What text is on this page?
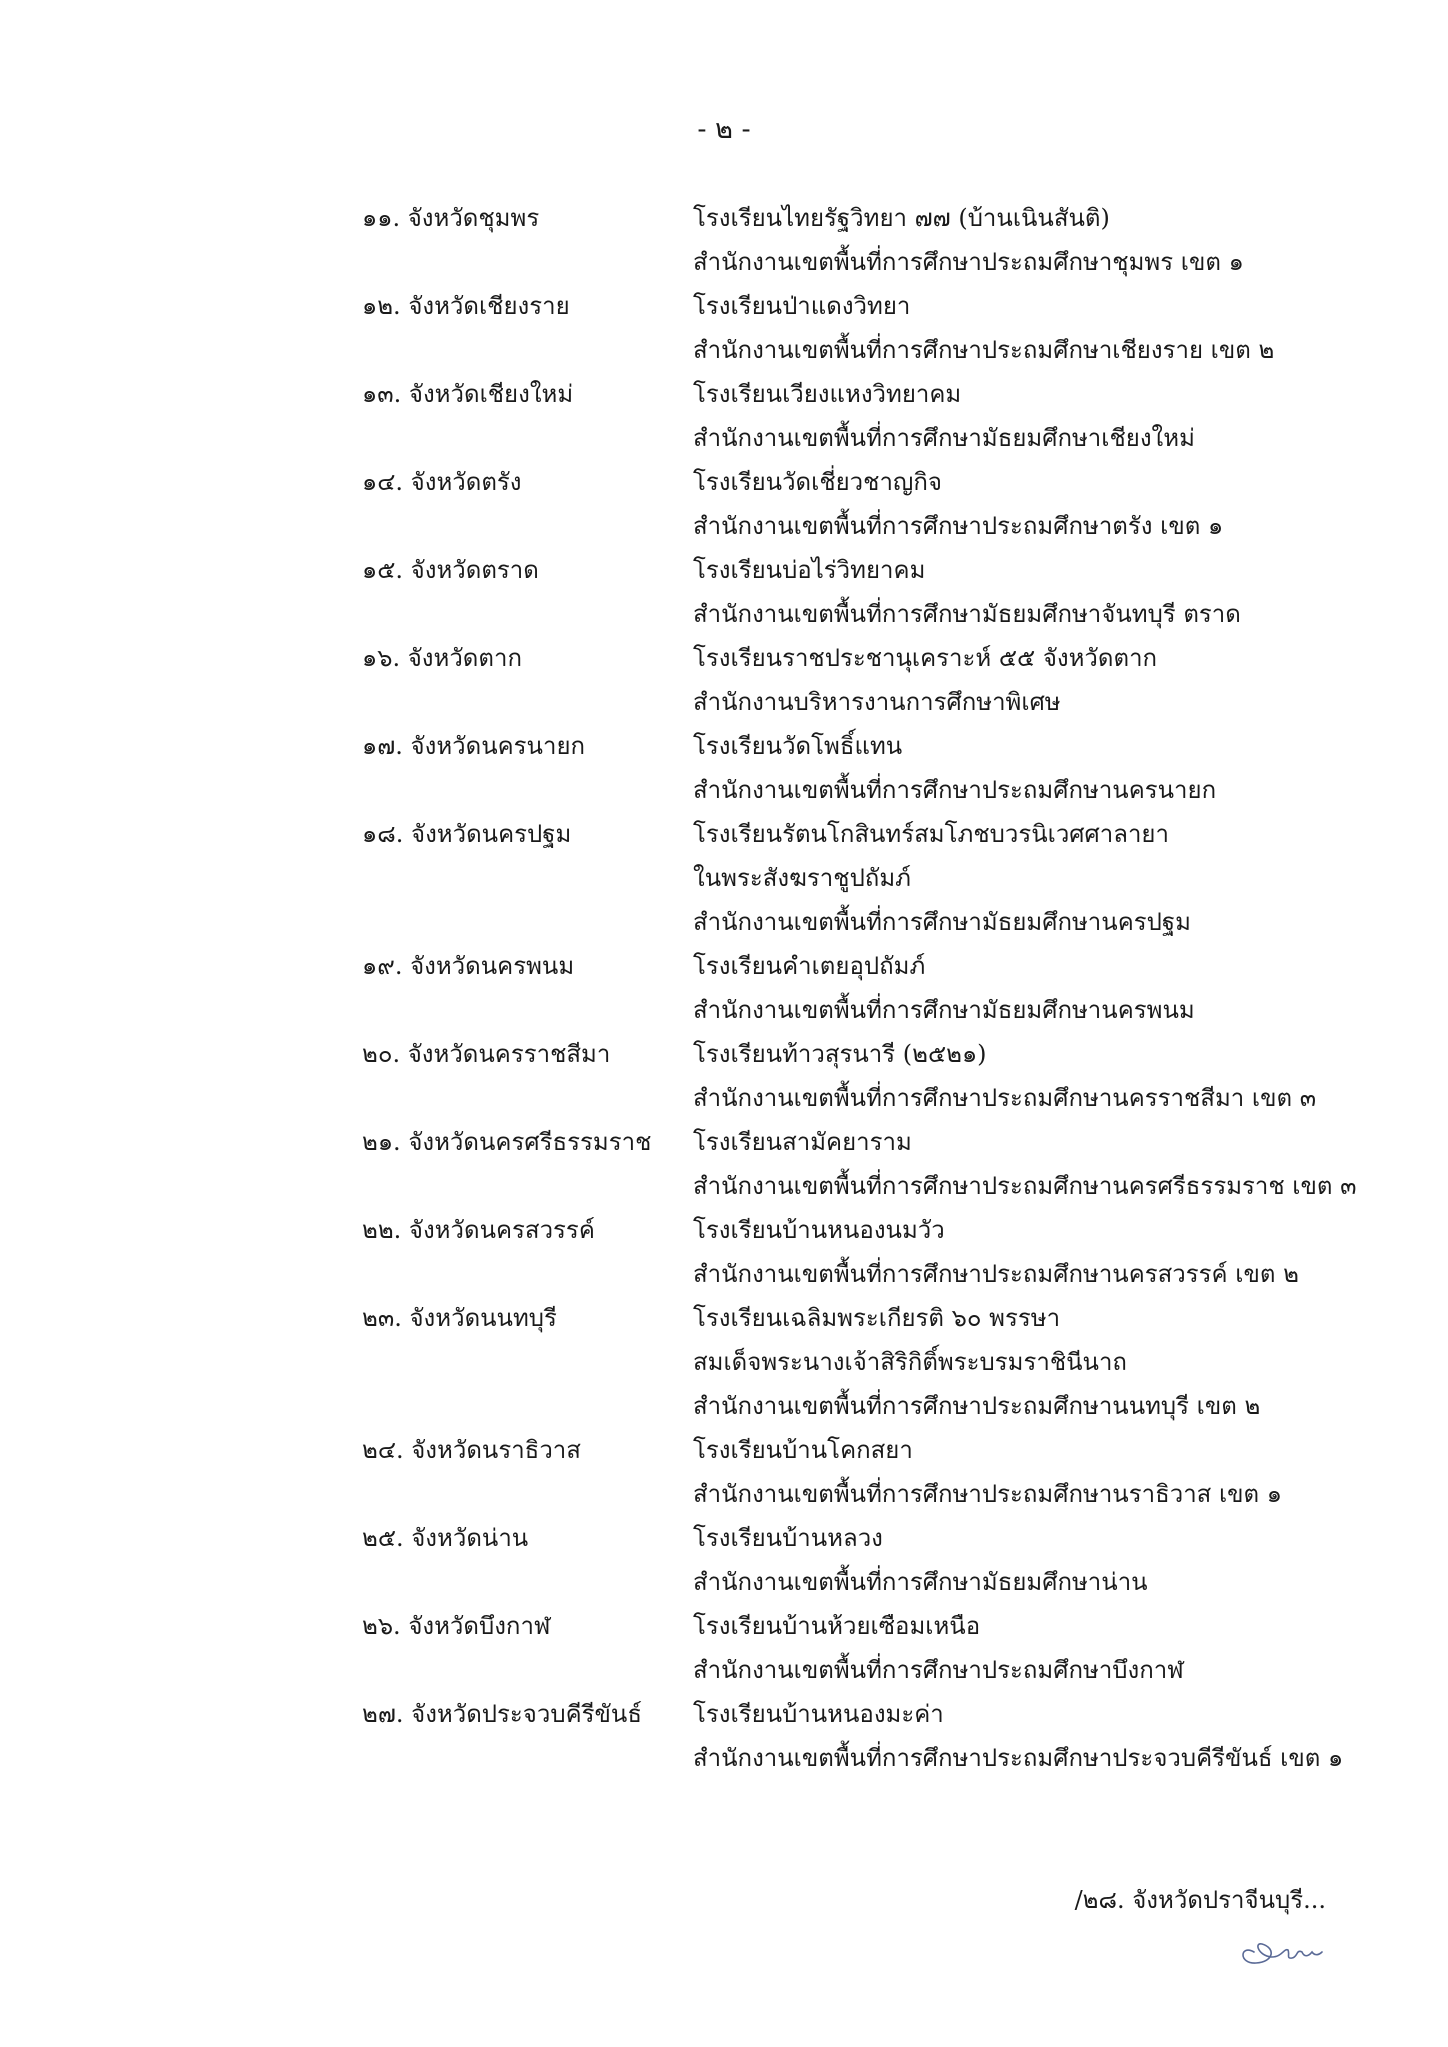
- ๒ -
๑๑. จังหวัดชุมพร	โรงเรียนไทยรัฐวิทยา ๗๗ (บ้านเนินสันติ)
สำนักงานเขตพื้นที่การศึกษาประถมศึกษาชุมพร เขต ๑
๑๒. จังหวัดเชียงราย	โรงเรียนป่าแดงวิทยา
สำนักงานเขตพื้นที่การศึกษาประถมศึกษาเชียงราย เขต ๒
๑๓. จังหวัดเชียงใหม่	โรงเรียนเวียงแหงวิทยาคม
สำนักงานเขตพื้นที่การศึกษามัธยมศึกษาเชียงใหม่
๑๔. จังหวัดตรัง	โรงเรียนวัดเชี่ยวชาญกิจ
สำนักงานเขตพื้นที่การศึกษาประถมศึกษาตรัง เขต ๑
๑๕. จังหวัดตราด	โรงเรียนบ่อไร่วิทยาคม
สำนักงานเขตพื้นที่การศึกษามัธยมศึกษาจันทบุรี ตราด
๑๖. จังหวัดตาก	โรงเรียนราชประชานุเคราะห์ ๕๕ จังหวัดตาก
สำนักงานบริหารงานการศึกษาพิเศษ
๑๗. จังหวัดนครนายก	โรงเรียนวัดโพธิ์แทน
สำนักงานเขตพื้นที่การศึกษาประถมศึกษานครนายก
๑๘. จังหวัดนครปฐม	โรงเรียนรัตนโกสินทร์สมโภชบวรนิเวศศาลายา
ในพระสังฆราชูปถัมภ์
สำนักงานเขตพื้นที่การศึกษามัธยมศึกษานครปฐม
๑๙. จังหวัดนครพนม	โรงเรียนคำเตยอุปถัมภ์
สำนักงานเขตพื้นที่การศึกษามัธยมศึกษานครพนม
๒๐. จังหวัดนครราชสีมา	โรงเรียนท้าวสุรนารี (๒๕๒๑)
สำนักงานเขตพื้นที่การศึกษาประถมศึกษานครราชสีมา เขต ๓
๒๑. จังหวัดนครศรีธรรมราช	โรงเรียนสามัคยาราม
สำนักงานเขตพื้นที่การศึกษาประถมศึกษานครศรีธรรมราช เขต ๓
๒๒. จังหวัดนครสวรรค์	โรงเรียนบ้านหนองนมวัว
สำนักงานเขตพื้นที่การศึกษาประถมศึกษานครสวรรค์ เขต ๒
๒๓. จังหวัดนนทบุรี	โรงเรียนเฉลิมพระเกียรติ ๖๐ พรรษา
สมเด็จพระนางเจ้าสิริกิติ์พระบรมราชินีนาถ
สำนักงานเขตพื้นที่การศึกษาประถมศึกษานนทบุรี เขต ๒
๒๔. จังหวัดนราธิวาส	โรงเรียนบ้านโคกสยา
สำนักงานเขตพื้นที่การศึกษาประถมศึกษานราธิวาส เขต ๑
๒๕. จังหวัดน่าน	โรงเรียนบ้านหลวง
สำนักงานเขตพื้นที่การศึกษามัธยมศึกษาน่าน
๒๖. จังหวัดบึงกาฬ	โรงเรียนบ้านห้วยเซือมเหนือ
สำนักงานเขตพื้นที่การศึกษาประถมศึกษาบึงกาฬ
๒๗. จังหวัดประจวบคีรีขันธ์	โรงเรียนบ้านหนองมะค่า
สำนักงานเขตพื้นที่การศึกษาประถมศึกษาประจวบคีรีขันธ์ เขต ๑
/๒๘. จังหวัดปราจีนบุรี...
